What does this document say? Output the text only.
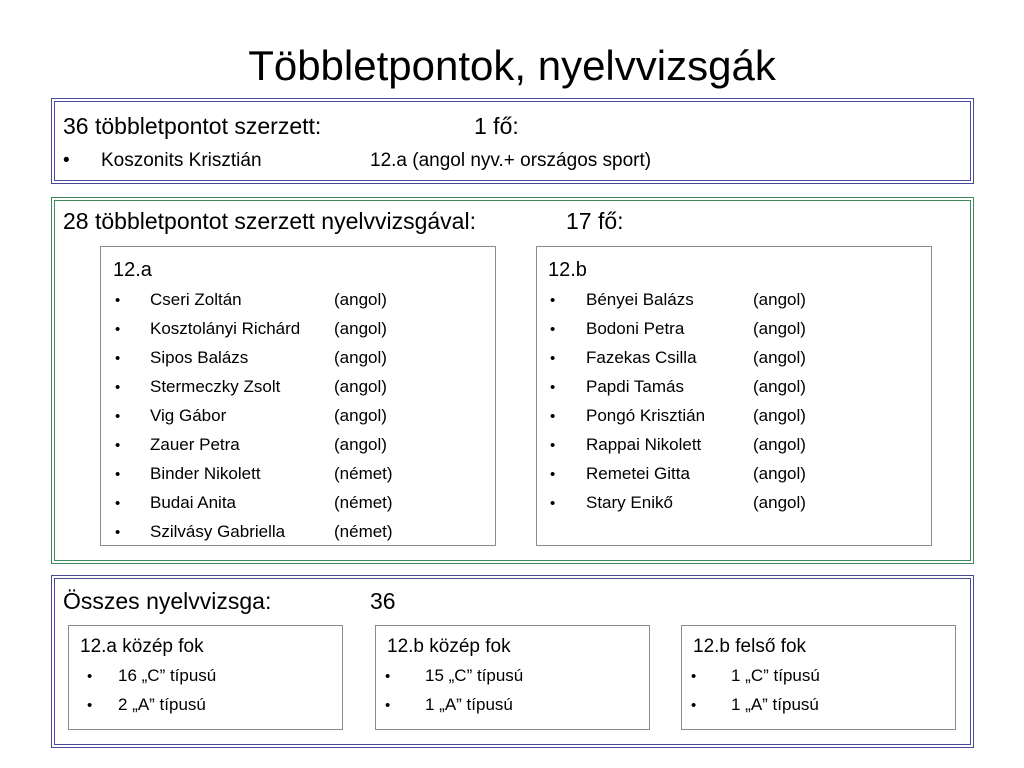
Többletpontok, nyelvvizsgák
36 többletpontot szerzett:	1 fő:
• Koszonits Krisztián	12.a (angol nyv.+ országos sport)
28 többletpontot szerzett nyelvvizsgával:	17 fő:
12.a
• Cseri Zoltán	(angol)
• Kosztolányi Richárd (angol)
• Sipos Balázs	(angol)
• Stermeczky Zsolt	(angol)
• Vig Gábor	(angol)
• Zauer Petra	(angol)
• Binder Nikolett	(német)
• Budai Anita	(német)
• Szilvásy Gabriella	(német)
12.b
• Bényei Balázs	(angol)
• Bodoni Petra	(angol)
• Fazekas Csilla	(angol)
• Papdi Tamás	(angol)
• Pongó Krisztián	(angol)
• Rappai Nikolett	(angol)
• Remetei Gitta	(angol)
• Stary Enikő	(angol)
Összes nyelvvizsga:	36
12.a közép fok
• 16 „C” típusú
• 2 „A” típusú
12.b közép fok
• 15 „C” típusú
• 1 „A” típusú
12.b felső fok
• 1 „C” típusú
• 1 „A” típusú
